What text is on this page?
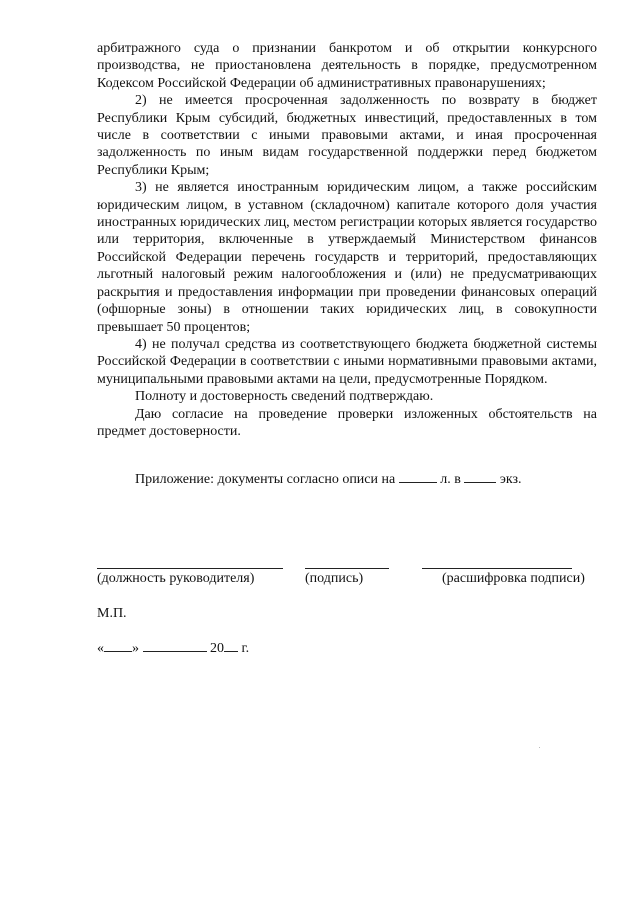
арбитражного суда о признании банкротом и об открытии конкурсного производства, не приостановлена деятельность в порядке, предусмотренном Кодексом Российской Федерации об административных правонарушениях;

2) не имеется просроченная задолженность по возврату в бюджет Республики Крым субсидий, бюджетных инвестиций, предоставленных в том числе в соответствии с иными правовыми актами, и иная просроченная задолженность по иным видам государственной поддержки перед бюджетом Республики Крым;

3) не является иностранным юридическим лицом, а также российским юридическим лицом, в уставном (складочном) капитале которого доля участия иностранных юридических лиц, местом регистрации которых является государство или территория, включенные в утверждаемый Министерством финансов Российской Федерации перечень государств и территорий, предоставляющих льготный налоговый режим налогообложения и (или) не предусматривающих раскрытия и предоставления информации при проведении финансовых операций (офшорные зоны) в отношении таких юридических лиц, в совокупности превышает 50 процентов;

4) не получал средства из соответствующего бюджета бюджетной системы Российской Федерации в соответствии с иными нормативными правовыми актами, муниципальными правовыми актами на цели, предусмотренные Порядком.

Полноту и достоверность сведений подтверждаю.

Даю согласие на проведение проверки изложенных обстоятельств на предмет достоверности.

Приложение: документы согласно описи на	л. в	экз.

(должность руководителя)	(подпись)	(расшифровка подписи)
М.П.
« »	20 г.
